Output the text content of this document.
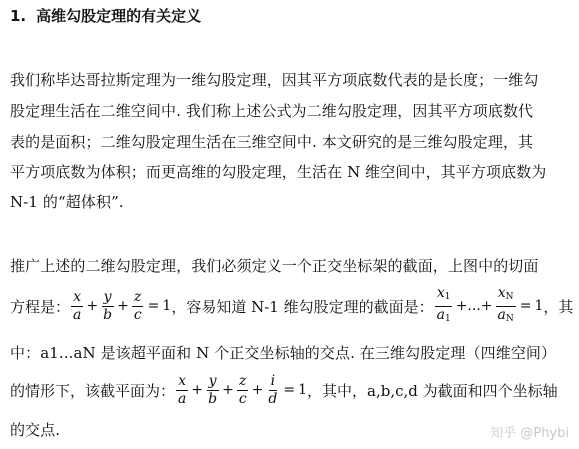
1. 高维勾股定理的有关定义
我们称毕达哥拉斯定理为一维勾股定理，因其平方项底数代表的是长度；一维勾
股定理生活在二维空间中. 我们称上述公式为二维勾股定理，因其平方项底数代
表的是面积；二维勾股定理生活在三维空间中. 本文研究的是三维勾股定理，其
平方项底数为体积；而更高维的勾股定理，生活在 N 维空间中，其平方项底数为
N-1 的“超体积”.
推广上述的二维勾股定理，我们必须定义一个正交坐标架的截面，上图中的切面
方程是： $\frac{x}{a} + \frac{y}{b} + \frac{z}{c} = 1$ ，容易知道 N-1 维勾股定理的截面是： $\frac{x_1}{a_1}$ +...+ $\frac{x_N}{a_N} = 1$ ，其
中：a1...aN 是该超平面和 N 个正交坐标轴的交点. 在三维勾股定理（四维空间）
的情形下，该截平面为： $\frac{x}{a} + \frac{y}{b} + \frac{z}{c} + \frac{i}{d} = 1$ ，其中，a,b,c,d 为截面和四个坐标轴
的交点.	知乎 @Phybi
